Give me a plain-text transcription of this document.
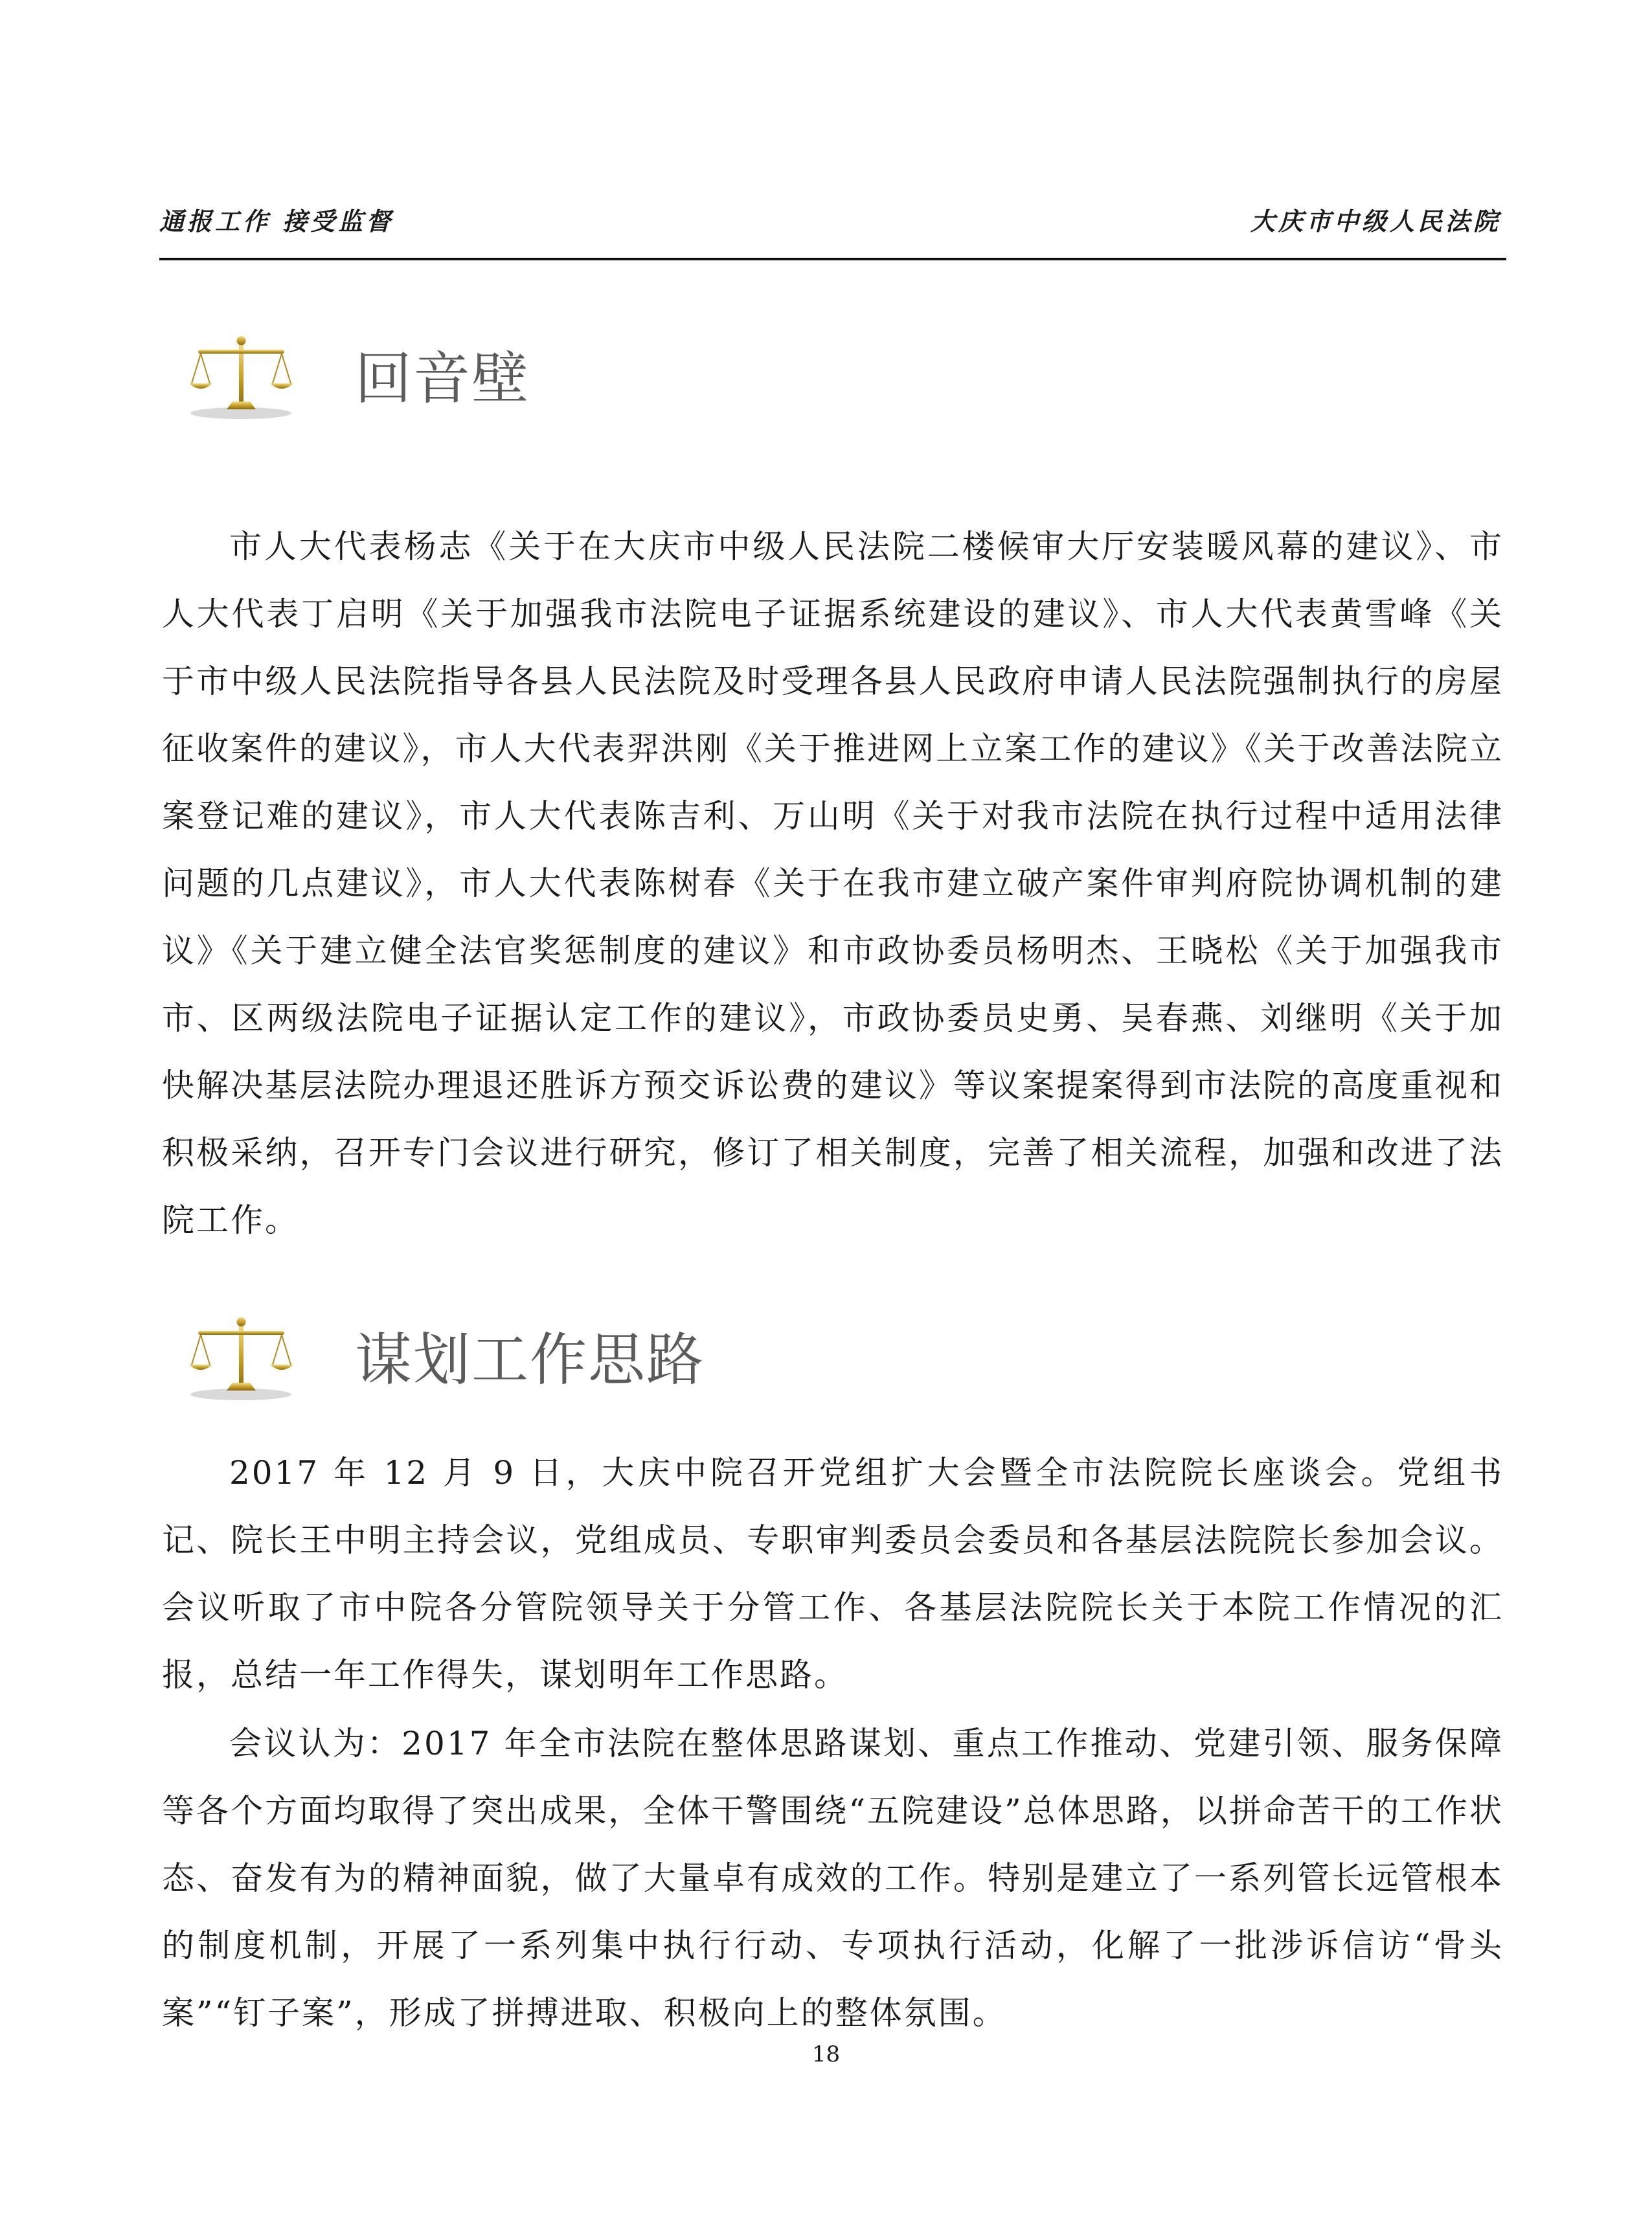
通报工作 接受监督	大庆市中级人民法院
回音壁

市人大代表杨志《关于在大庆市中级人民法院二楼候审大厅安装暖风幕的建议》、市人大代表丁启明《关于加强我市法院电子证据系统建设的建议》、市人大代表黄雪峰《关于市中级人民法院指导各县人民法院及时受理各县人民政府申请人民法院强制执行的房屋征收案件的建议》，市人大代表羿洪刚《关于推进网上立案工作的建议》《关于改善法院立案登记难的建议》，市人大代表陈吉利、万山明《关于对我市法院在执行过程中适用法律问题的几点建议》，市人大代表陈树春《关于在我市建立破产案件审判府院协调机制的建议》《关于建立健全法官奖惩制度的建议》和市政协委员杨明杰、王晓松《关于加强我市市、区两级法院电子证据认定工作的建议》，市政协委员史勇、吴春燕、刘继明《关于加快解决基层法院办理退还胜诉方预交诉讼费的建议》等议案提案得到市法院的高度重视和积极采纳，召开专门会议进行研究，修订了相关制度，完善了相关流程，加强和改进了法院工作。

谋划工作思路

2017 年 12 月 9 日，大庆中院召开党组扩大会暨全市法院院长座谈会。党组书记、院长王中明主持会议，党组成员、专职审判委员会委员和各基层法院院长参加会议。会议听取了市中院各分管院领导关于分管工作、各基层法院院长关于本院工作情况的汇报，总结一年工作得失，谋划明年工作思路。

会议认为：2017 年全市法院在整体思路谋划、重点工作推动、党建引领、服务保障等各个方面均取得了突出成果，全体干警围绕“五院建设”总体思路，以拼命苦干的工作状态、奋发有为的精神面貌，做了大量卓有成效的工作。特别是建立了一系列管长远管根本的制度机制，开展了一系列集中执行行动、专项执行活动，化解了一批涉诉信访“骨头案”“钉子案”，形成了拼搏进取、积极向上的整体氛围。

18
